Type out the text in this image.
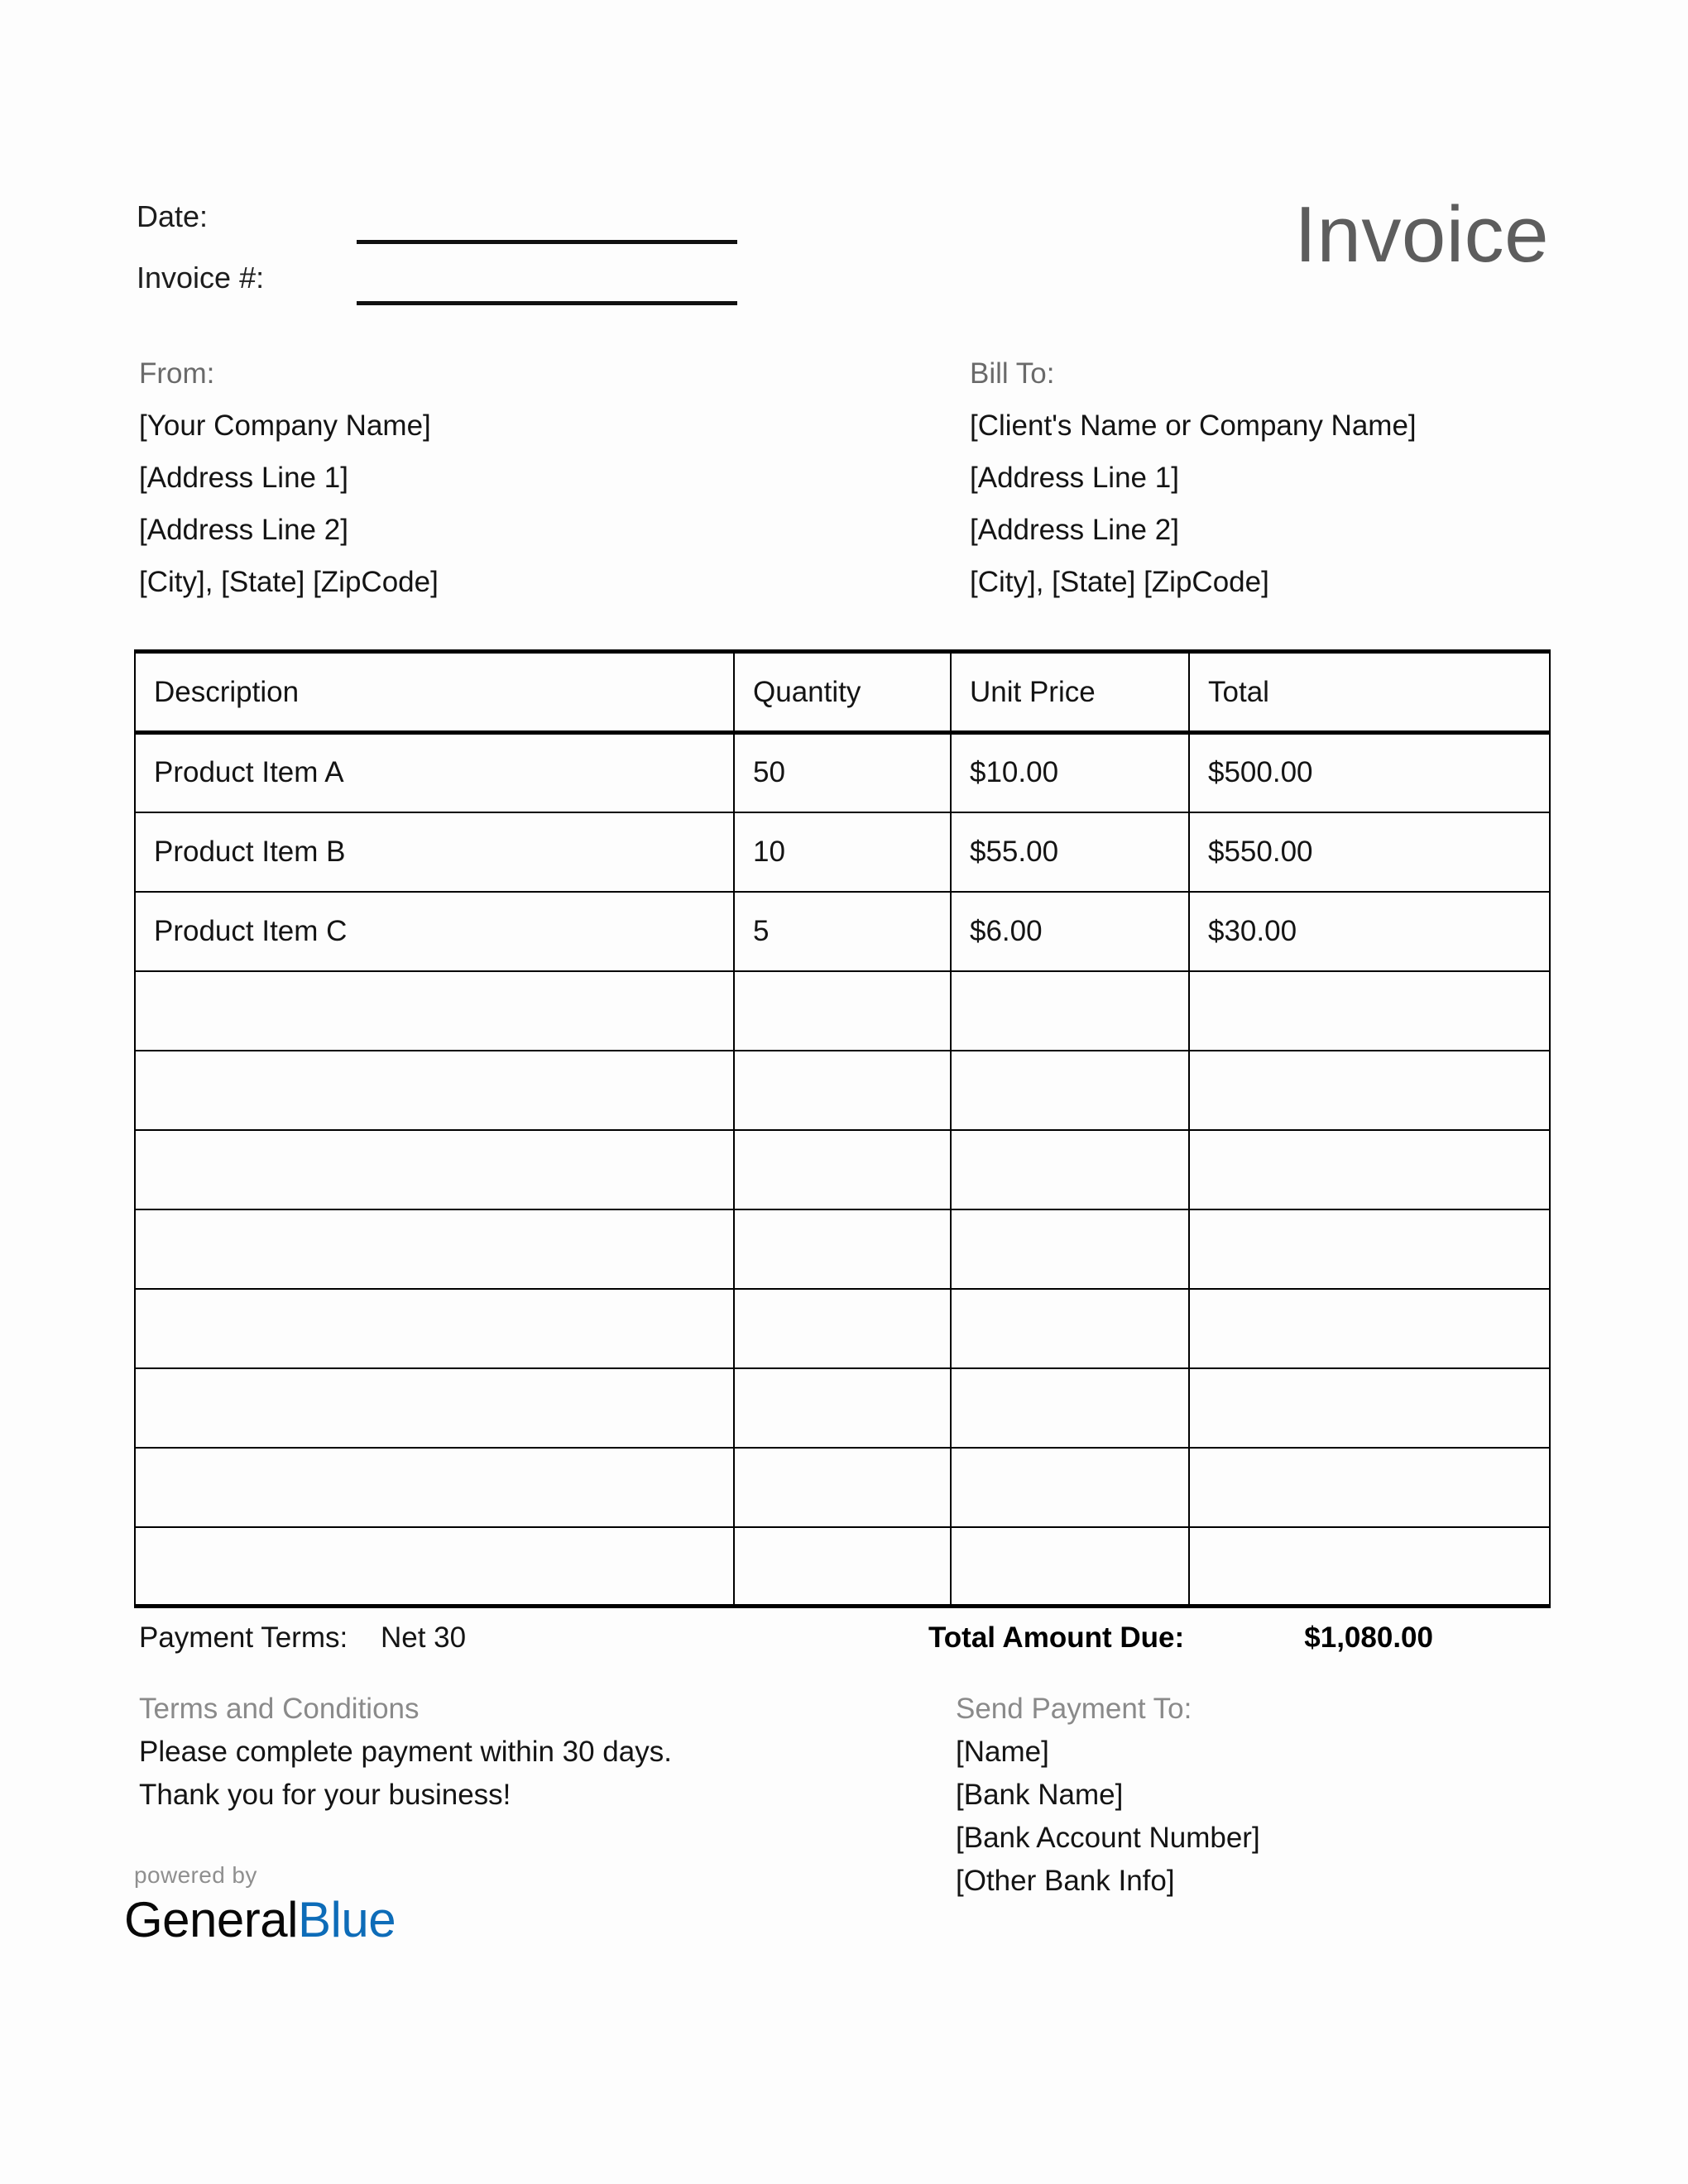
Date:
Invoice #:	Invoice
From:
[Your Company Name]
[Address Line 1]
[Address Line 2]
[City], [State] [ZipCode]
Bill To:
[Client's Name or Company Name]
[Address Line 1]
[Address Line 2]
[City], [State] [ZipCode]
Description	Quantity	Unit Price	Total
Product Item A	50	$10.00	$500.00
Product Item B	10	$55.00	$550.00
Product Item C	5	$6.00	$30.00

Payment Terms: Net 30	Total Amount Due:	$1,080.00
Terms and Conditions
Please complete payment within 30 days.
Thank you for your business!
Send Payment To:
[Name]
[Bank Name]
[Bank Account Number]
[Other Bank Info]
powered by
GeneralBlue
